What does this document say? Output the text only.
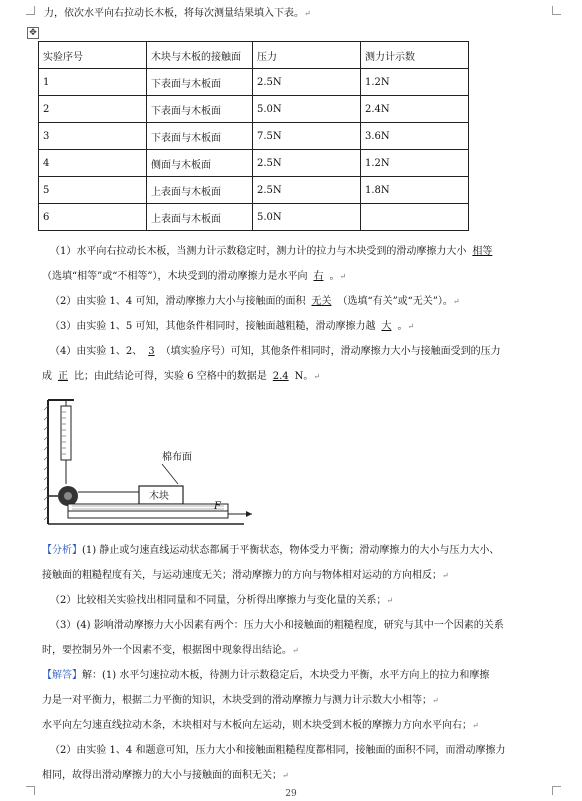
力，依次水平向右拉动长木板，将每次测量结果填入下表。↵
✥
实验序号	木块与木板的接触面	压力	测力计示数
1	下表面与木板面	2.5N	1.2N
2	下表面与木板面	5.0N	2.4N
3	下表面与木板面	7.5N	3.6N
4	侧面与木板面	2.5N	1.2N
5	上表面与木板面	2.5N	1.8N
6	上表面与木板面	5.0N	
（1）水平向右拉动长木板，当测力计示数稳定时，测力计的拉力与木块受到的滑动摩擦力大小 相等
（选填“相等”或“不相等”），木块受到的滑动摩擦力是水平向 右 。↵
（2）由实验 1、4 可知，滑动摩擦力大小与接触面的面积 无关 （选填“有关”或“无关”）。↵
（3）由实验 1、5 可知，其他条件相同时，接触面越粗糙，滑动摩擦力越 大 。↵
（4）由实验 1、2、 3 （填实验序号）可知，其他条件相同时，滑动摩擦力大小与接触面受到的压力
成 正 比；由此结论可得，实验 6 空格中的数据是 2.4 N。↵
木块
F
棉布面
【分析】(1) 静止或匀速直线运动状态都属于平衡状态，物体受力平衡；滑动摩擦力的大小与压力大小、
接触面的粗糙程度有关，与运动速度无关；滑动摩擦力的方向与物体相对运动的方向相反；↵
（2）比较相关实验找出相同量和不同量，分析得出摩擦力与变化量的关系；↵
（3）(4) 影响滑动摩擦力大小因素有两个：压力大小和接触面的粗糙程度，研究与其中一个因素的关系
时，要控制另外一个因素不变，根据图中现象得出结论。↵
【解答】解：(1) 水平匀速拉动木板，待测力计示数稳定后，木块受力平衡，水平方向上的拉力和摩擦
力是一对平衡力，根据二力平衡的知识，木块受到的滑动摩擦力与测力计示数大小相等；↵
水平向左匀速直线拉动木条，木块相对与木板向左运动，则木块受到木板的摩擦力方向水平向右；↵
（2）由实验 1、4 和题意可知，压力大小和接触面粗糙程度都相同，接触面的面积不同，而滑动摩擦力
相同，故得出滑动摩擦力的大小与接触面的面积无关；↵
29
